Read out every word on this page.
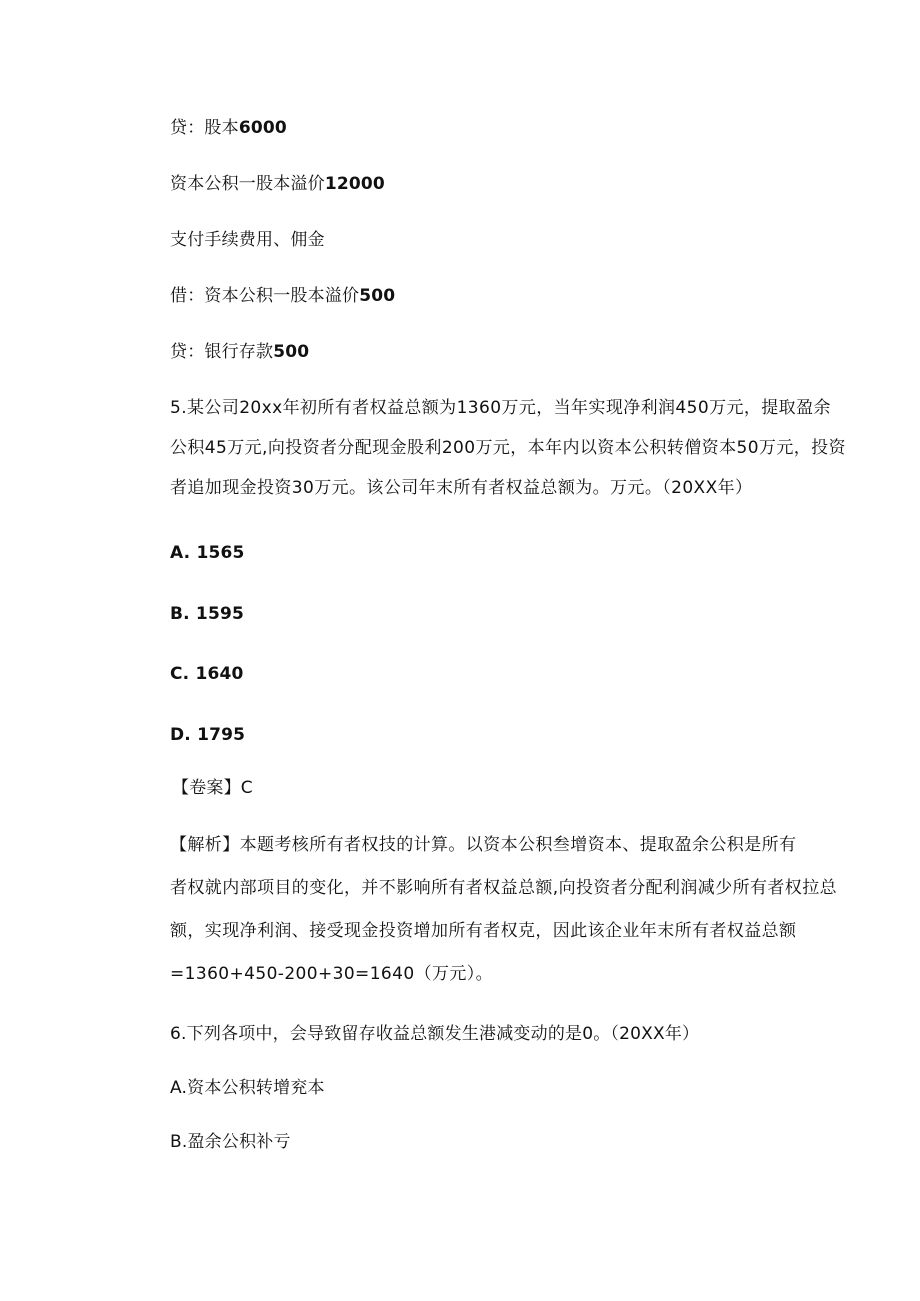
贷：股本6000
资本公积一股本溢价12000
支付手续费用、佣金
借：资本公积一股本溢价500
贷：银行存款500
5.某公司20xx年初所有者权益总额为1360万元，当年实现净利润450万元，提取盈余
公积45万元,向投资者分配现金股利200万元，本年内以资本公积转僧资本50万元，投资
者追加现金投资30万元。该公司年末所有者权益总额为。万元。（20XX年）
A. 1565
B. 1595
C. 1640
D. 1795
【卷案】C
【解析】本题考核所有者权技的计算。以资本公积叁增资本、提取盈余公积是所有
者权就内部项目的变化，并不影响所有者权益总额,向投资者分配利润减少所有者权拉总
额，实现净利润、接受现金投资增加所有者权克，因此该企业年末所有者权益总额
=1360+450-200+30=1640（万元）。
6.下列各项中，会导致留存收益总额发生港减变动的是0。（20XX年）
A.资本公积转增兖本
B.盈余公积补亏
